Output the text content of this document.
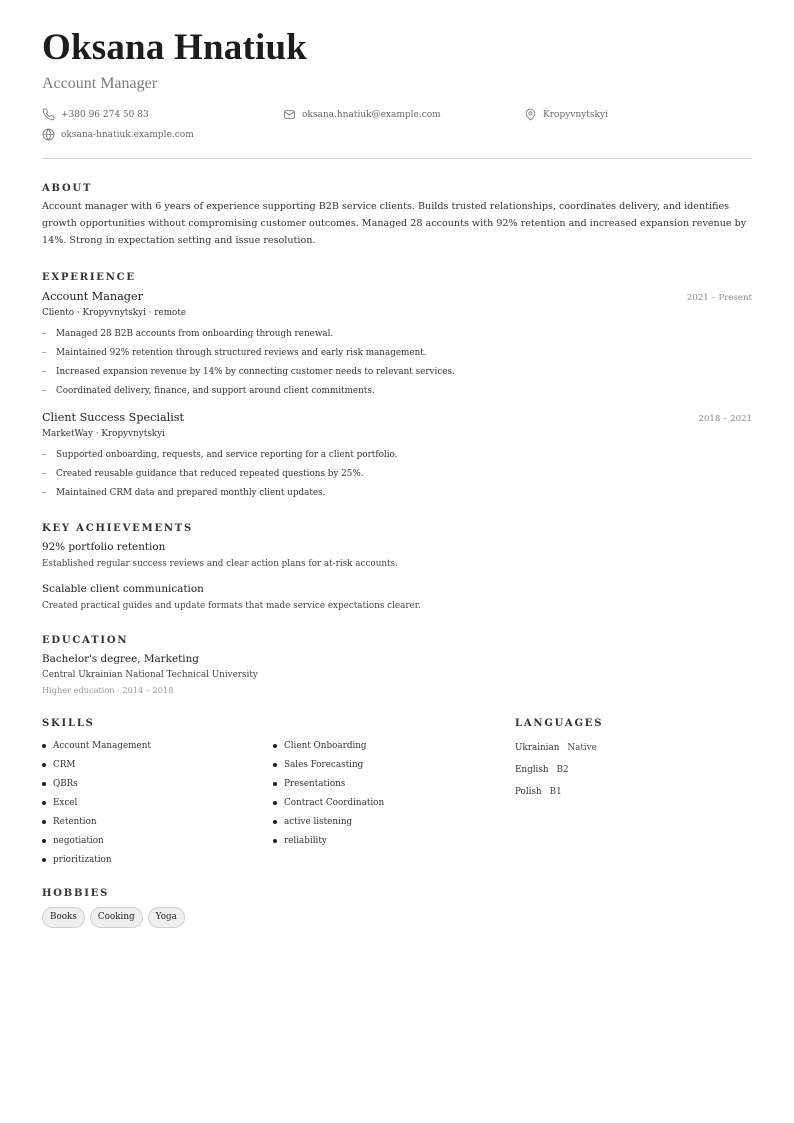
Oksana Hnatiuk
Account Manager
+380 96 274 50 83	oksana.hnatiuk@example.com	Kropyvnytskyi
oksana-hnatiuk.example.com
ABOUT
Account manager with 6 years of experience supporting B2B service clients. Builds trusted relationships, coordinates delivery, and identifies growth opportunities without compromising customer outcomes. Managed 28 accounts with 92% retention and increased expansion revenue by 14%. Strong in expectation setting and issue resolution.
EXPERIENCE
Account Manager	2021 – Present
Cliento · Kropyvnytskyi · remote
–	Managed 28 B2B accounts from onboarding through renewal.
–	Maintained 92% retention through structured reviews and early risk management.
–	Increased expansion revenue by 14% by connecting customer needs to relevant services.
–	Coordinated delivery, finance, and support around client commitments.
Client Success Specialist	2018 – 2021
MarketWay · Kropyvnytskyi
–	Supported onboarding, requests, and service reporting for a client portfolio.
–	Created reusable guidance that reduced repeated questions by 25%.
–	Maintained CRM data and prepared monthly client updates.
KEY ACHIEVEMENTS
92% portfolio retention
Established regular success reviews and clear action plans for at-risk accounts.
Scalable client communication
Created practical guides and update formats that made service expectations clearer.
EDUCATION
Bachelor's degree, Marketing
Central Ukrainian National Technical University
Higher education · 2014 – 2018
SKILLS
Account Management
CRM
QBRs
Excel
Retention
negotiation
prioritization
Client Onboarding
Sales Forecasting
Presentations
Contract Coordination
active listening
reliability
LANGUAGES
Ukrainian Native
English B2
Polish B1
HOBBIES
Books	Cooking	Yoga
